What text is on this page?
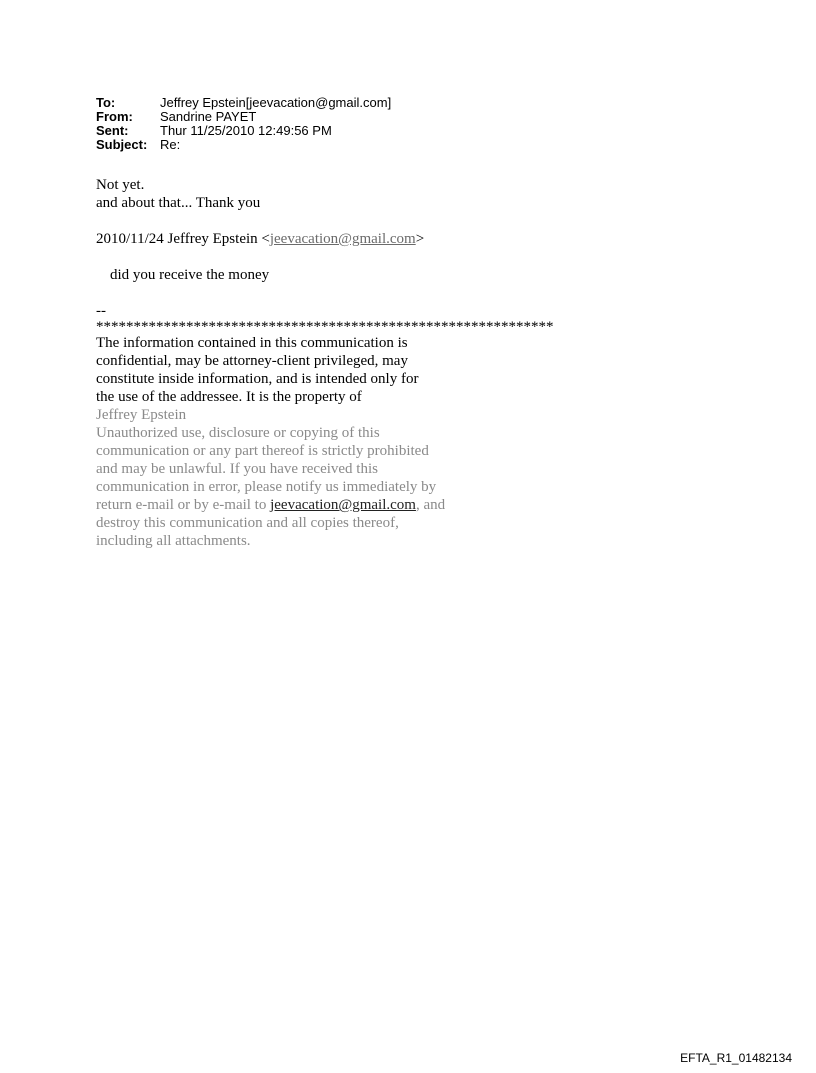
To:	Jeffrey Epstein[jeevacation@gmail.com]
From:	Sandrine PAYET
Sent:	Thur 11/25/2010 12:49:56 PM
Subject: Re:
Not yet.
and about that... Thank you
2010/11/24 Jeffrey Epstein <jeevacation@gmail.com>
did you receive the money
--
*************************************************************
The information contained in this communication is
confidential, may be attorney-client privileged, may
constitute inside information, and is intended only for
the use of the addressee. It is the property of
Jeffrey Epstein
Unauthorized use, disclosure or copying of this
communication or any part thereof is strictly prohibited
and may be unlawful. If you have received this
communication in error, please notify us immediately by
return e-mail or by e-mail to jeevacation@gmail.com, and
destroy this communication and all copies thereof,
including all attachments.
EFTA_R1_01482134
